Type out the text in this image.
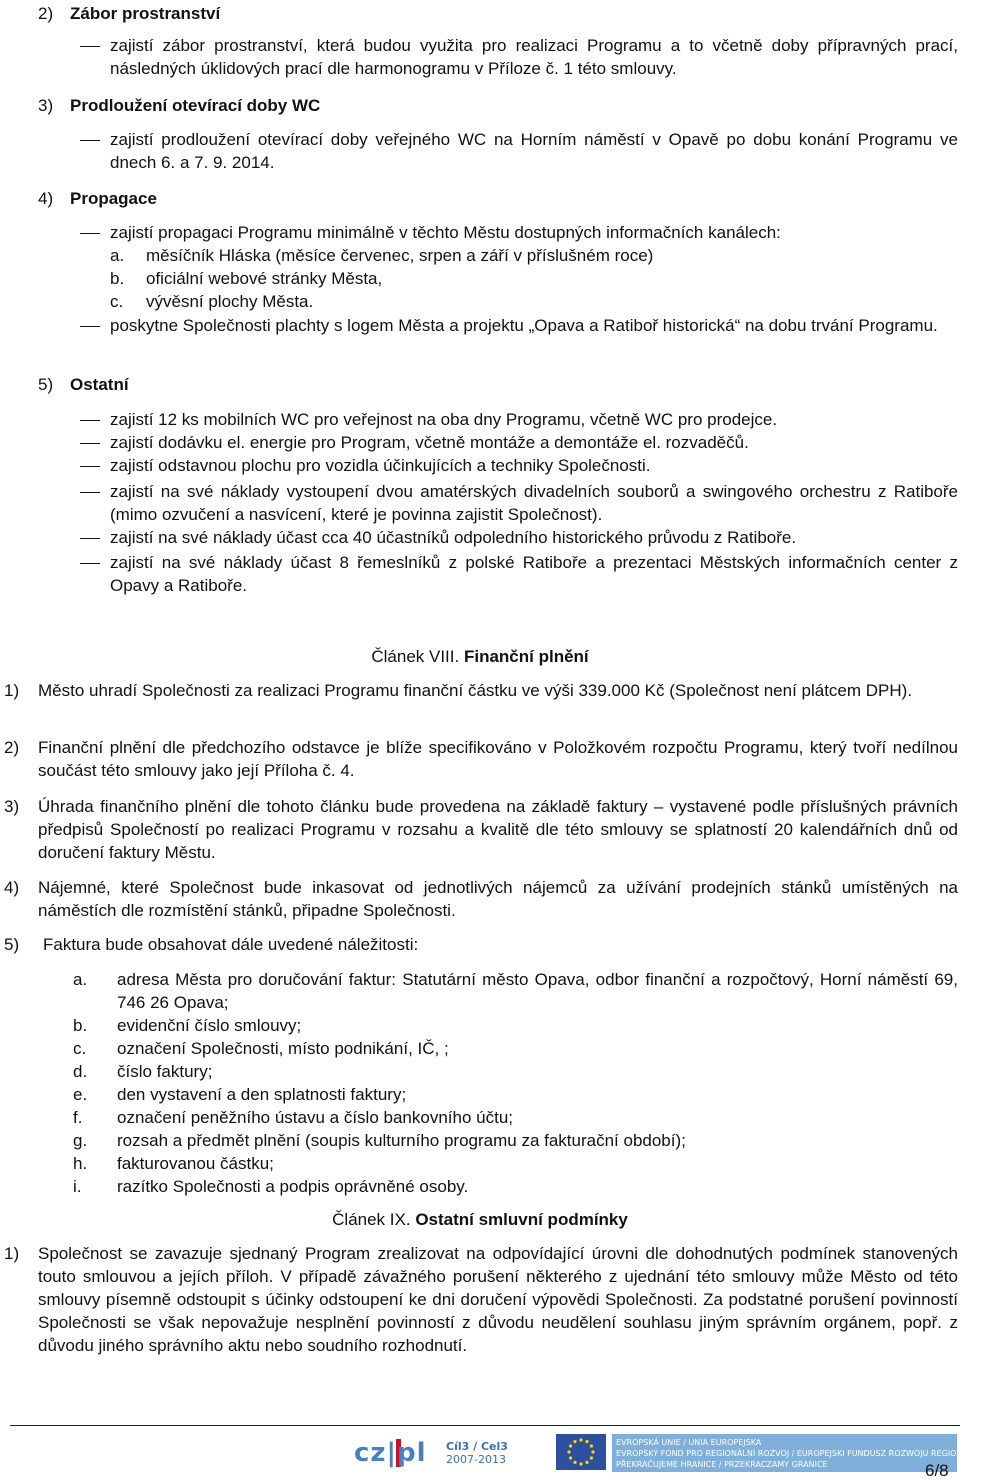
2) Zábor prostranství
zajistí zábor prostranství, která budou využita pro realizaci Programu a to včetně doby přípravných prací, následných úklidových prací dle harmonogramu v Příloze č. 1 této smlouvy.
3) Prodloužení otevírací doby WC
zajistí prodloužení otevírací doby veřejného WC na Horním náměstí v Opavě po dobu konání Programu ve dnech 6. a 7. 9. 2014.
4) Propagace
zajistí propagaci Programu minimálně v těchto Městu dostupných informačních kanálech:
a. měsíčník Hláska (měsíce červenec, srpen a září v příslušném roce)
b. oficiální webové stránky Města,
c. vývěsní plochy Města.
poskytne Společnosti plachty s logem Města a projektu „Opava a Ratiboř historická“ na dobu trvání Programu.
5) Ostatní
zajistí 12 ks mobilních WC pro veřejnost na oba dny Programu, včetně WC pro prodejce.
zajistí dodávku el. energie pro Program, včetně montáže a demontáže el. rozvaděčů.
zajistí odstavnou plochu pro vozidla účinkujících a techniky Společnosti.
zajistí na své náklady vystoupení dvou amatérských divadelních souborů a swingového orchestru z Ratiboře (mimo ozvučení a nasvícení, které je povinna zajistit Společnost).
zajistí na své náklady účast cca 40 účastníků odpoledního historického průvodu z Ratiboře.
zajistí na své náklady účast 8 řemeslníků z polské Ratiboře a prezentaci Městských informačních center z Opavy a Ratiboře.
Článek VIII. Finanční plnění
1) Město uhradí Společnosti za realizaci Programu finanční částku ve výši 339.000 Kč (Společnost není plátcem DPH).
2) Finanční plnění dle předchozího odstavce je blíže specifikováno v Položkovém rozpočtu Programu, který tvoří nedílnou součást této smlouvy jako její Příloha č. 4.
3) Úhrada finančního plnění dle tohoto článku bude provedena na základě faktury – vystavené podle příslušných právních předpisů Společností po realizaci Programu v rozsahu a kvalitě dle této smlouvy se splatností 20 kalendářních dnů od doručení faktury Městu.
4) Nájemné, které Společnost bude inkasovat od jednotlivých nájemců za užívání prodejních stánků umístěných na náměstích dle rozmístění stánků, připadne Společnosti.
5) Faktura bude obsahovat dále uvedené náležitosti:
a. adresa Města pro doručování faktur: Statutární město Opava, odbor finanční a rozpočtový, Horní náměstí 69, 746 26 Opava;
b. evidenční číslo smlouvy;
c. označení Společnosti, místo podnikání, IČ, ;
d. číslo faktury;
e. den vystavení a den splatnosti faktury;
f. označení peněžního ústavu a číslo bankovního účtu;
g. rozsah a předmět plnění (soupis kulturního programu za fakturační období);
h. fakturovanou částku;
i. razítko Společnosti a podpis oprávněné osoby.
Článek IX. Ostatní smluvní podmínky
1) Společnost se zavazuje sjednaný Program zrealizovat na odpovídající úrovni dle dohodnutých podmínek stanovených touto smlouvou a jejích příloh. V případě závažného porušení některého z ujednání této smlouvy může Město od této smlouvy písemně odstoupit s účinky odstoupení ke dni doručení výpovědi Společnosti. Za podstatné porušení povinností Společnosti se však nepovažuje nesplnění povinností z důvodu neudělení souhlasu jiným správním orgánem, popř. z důvodu jiného správního aktu nebo soudního rozhodnutí.
cz|pl Cíl3 / Cel3
2007-2013
EVROPSKÁ UNIE / UNIA EUROPEJSKA
EVROPSKÝ FOND PRO REGIONÁLNÍ ROZVOJ / EUROPEJSKI FUNDUSZ ROZWOJU REGIONALNEGO
PŘEKRAČUJEME HRANICE / PRZEKRACZAMY GRANICE	6/8
